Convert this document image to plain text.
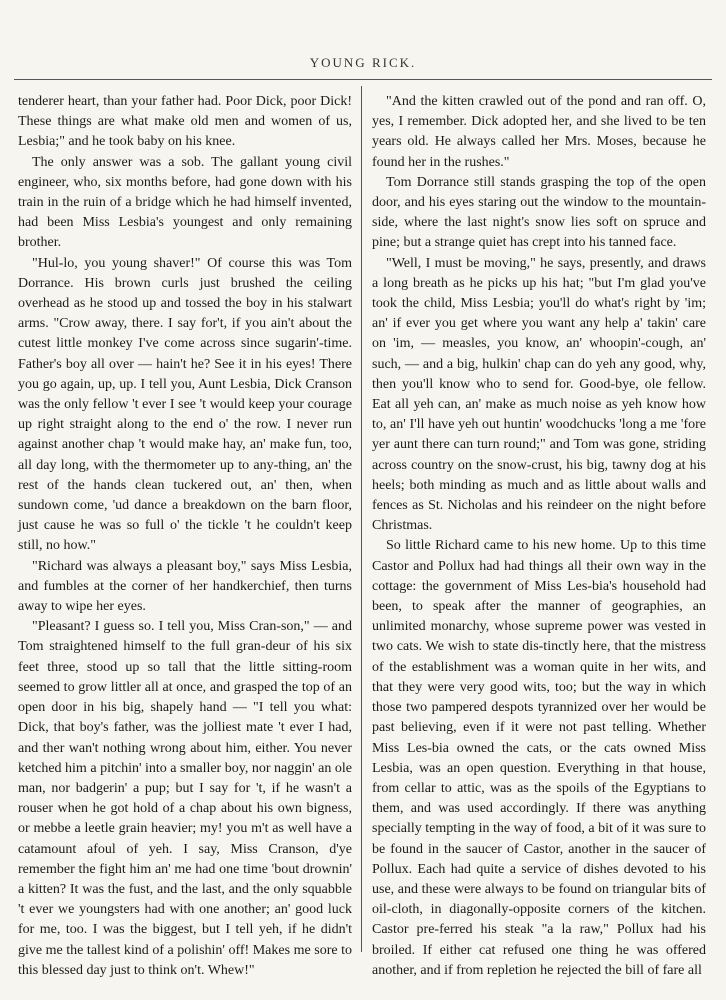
YOUNG RICK.

tenderer heart, than your father had. Poor Dick, poor Dick! These things are what make old men and women of us, Lesbia;" and he took baby on his knee.

The only answer was a sob. The gallant young civil engineer, who, six months before, had gone down with his train in the ruin of a bridge which he had himself invented, had been Miss Lesbia's youngest and only remaining brother.

"Hul-lo, you young shaver!" Of course this was Tom Dorrance. His brown curls just brushed the ceiling overhead as he stood up and tossed the boy in his stalwart arms. "Crow away, there. I say for't, if you ain't about the cutest little monkey I've come across since sugarin'-time. Father's boy all over — hain't he? See it in his eyes! There you go again, up, up. I tell you, Aunt Lesbia, Dick Cranson was the only fellow 't ever I see 't would keep your courage up right straight along to the end o' the row. I never run against another chap 't would make hay, an' make fun, too, all day long, with the thermometer up to any-thing, an' the rest of the hands clean tuckered out, an' then, when sundown come, 'ud dance a breakdown on the barn floor, just cause he was so full o' the tickle 't he couldn't keep still, no how."

"Richard was always a pleasant boy," says Miss Lesbia, and fumbles at the corner of her handkerchief, then turns away to wipe her eyes.

"Pleasant? I guess so. I tell you, Miss Cran-son," — and Tom straightened himself to the full gran-deur of his six feet three, stood up so tall that the little sitting-room seemed to grow littler all at once, and grasped the top of an open door in his big, shapely hand — "I tell you what: Dick, that boy's father, was the jolliest mate 't ever I had, and ther wan't nothing wrong about him, either. You never ketched him a pitchin' into a smaller boy, nor naggin' an ole man, nor badgerin' a pup; but I say for 't, if he wasn't a rouser when he got hold of a chap about his own bigness, or mebbe a leetle grain heavier; my! you m't as well have a catamount afoul of yeh. I say, Miss Cranson, d'ye remember the fight him an' me had one time 'bout drownin' a kitten? It was the fust, and the last, and the only squabble 't ever we youngsters had with one another; an' good luck for me, too. I was the biggest, but I tell yeh, if he didn't give me the tallest kind of a polishin' off! Makes me sore to this blessed day just to think on't. Whew!"

"And the kitten crawled out of the pond and ran off. O, yes, I remember. Dick adopted her, and she lived to be ten years old. He always called her Mrs. Moses, because he found her in the rushes."

Tom Dorrance still stands grasping the top of the open door, and his eyes staring out the window to the mountain-side, where the last night's snow lies soft on spruce and pine; but a strange quiet has crept into his tanned face.

"Well, I must be moving," he says, presently, and draws a long breath as he picks up his hat; "but I'm glad you've took the child, Miss Lesbia; you'll do what's right by 'im; an' if ever you get where you want any help a' takin' care on 'im, — measles, you know, an' whoopin'-cough, an' such, — and a big, hulkin' chap can do yeh any good, why, then you'll know who to send for. Good-bye, ole fellow. Eat all yeh can, an' make as much noise as yeh know how to, an' I'll have yeh out huntin' woodchucks 'long a me 'fore yer aunt there can turn round;" and Tom was gone, striding across country on the snow-crust, his big, tawny dog at his heels; both minding as much and as little about walls and fences as St. Nicholas and his reindeer on the night before Christmas.

So little Richard came to his new home. Up to this time Castor and Pollux had had things all their own way in the cottage: the government of Miss Les-bia's household had been, to speak after the manner of geographies, an unlimited monarchy, whose supreme power was vested in two cats. We wish to state dis-tinctly here, that the mistress of the establishment was a woman quite in her wits, and that they were very good wits, too; but the way in which those two pampered despots tyrannized over her would be past believing, even if it were not past telling. Whether Miss Les-bia owned the cats, or the cats owned Miss Lesbia, was an open question. Everything in that house, from cellar to attic, was as the spoils of the Egyptians to them, and was used accordingly. If there was anything specially tempting in the way of food, a bit of it was sure to be found in the saucer of Castor, another in the saucer of Pollux. Each had quite a service of dishes devoted to his use, and these were always to be found on triangular bits of oil-cloth, in diagonally-opposite corners of the kitchen. Castor pre-ferred his steak "a la raw," Pollux had his broiled. If either cat refused one thing he was offered another, and if from repletion he rejected the bill of fare all
